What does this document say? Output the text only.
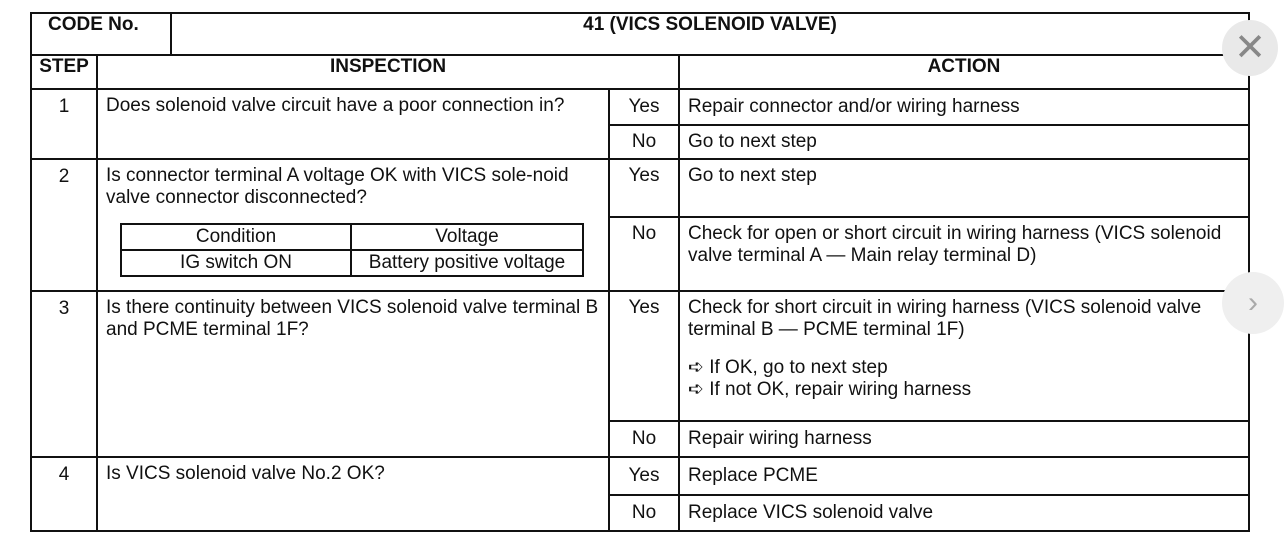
CODE No.	41 (VICS SOLENOID VALVE)
STEP	INSPECTION	ACTION
1	Does solenoid valve circuit have a poor connection in?	Yes	Repair connector and/or wiring harness
No	Go to next step
2	Is connector terminal A voltage OK with VICS sole-noid valve connector disconnected?
Condition	Voltage
IG switch ON	Battery positive voltage
	Yes	Go to next step
No	Check for open or short circuit in wiring harness (VICS solenoid valve terminal A — Main relay terminal D)
3	Is there continuity between VICS solenoid valve terminal B and PCME terminal 1F?	Yes	Check for short circuit in wiring harness (VICS solenoid valve terminal B — PCME terminal 1F)
➪ If OK, go to next step
➪ If not OK, repair wiring harness

No	Repair wiring harness
4	Is VICS solenoid valve No.2 OK?	Yes	Replace PCME
No	Replace VICS solenoid valve
✕
›
